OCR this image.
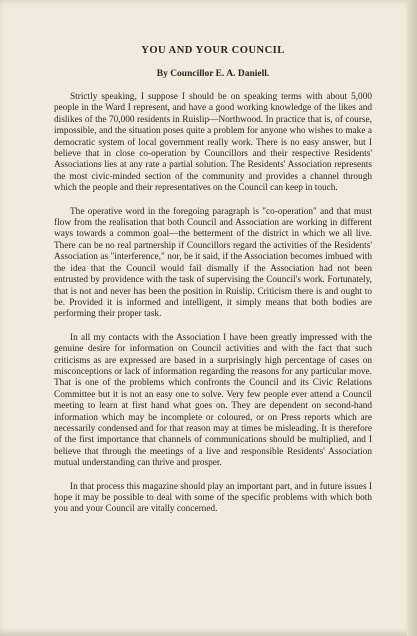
YOU AND YOUR COUNCIL
By Councillor E. A. Daniell.

Strictly speaking, I suppose I should be on speaking terms with about 5,000 people in the Ward I represent, and have a good working knowledge of the likes and dislikes of the 70,000 residents in Ruislip—Northwood. In practice that is, of course, impossible, and the situation poses quite a problem for anyone who wishes to make a democratic system of local government really work. There is no easy answer, but I believe that in close co-operation by Councillors and their respective Residents' Associations lies at any rate a partial solution. The Residents' Association represents the most civic-minded section of the community and provides a channel through which the people and their representatives on the Council can keep in touch.

The operative word in the foregoing paragraph is "co-operation" and that must flow from the realisation that both Council and Association are working in different ways towards a common goal—the betterment of the district in which we all live. There can be no real partnership if Councillors regard the activities of the Residents' Association as "interference," nor, be it said, if the Association becomes imbued with the idea that the Council would fail dismally if the Association had not been entrusted by providence with the task of supervising the Council's work. Fortunately, that is not and never has been the position in Ruislip. Criticism there is and ought to be. Provided it is informed and intelligent, it simply means that both bodies are performing their proper task.

In all my contacts with the Association I have been greatly impressed with the genuine desire for information on Council activities and with the fact that such criticisms as are expressed are based in a surprisingly high percentage of cases on misconceptions or lack of information regarding the reasons for any particular move. That is one of the problems which confronts the Council and its Civic Relations Committee but it is not an easy one to solve. Very few people ever attend a Council meeting to learn at first hand what goes on. They are dependent on second-hand information which may be incomplete or coloured, or on Press reports which are necessarily condensed and for that reason may at times be misleading. It is therefore of the first importance that channels of communications should be multiplied, and I believe that through the meetings of a live and responsible Residents' Association mutual understanding can thrive and prosper.

In that process this magazine should play an important part, and in future issues I hope it may be possible to deal with some of the specific problems with which both you and your Council are vitally concerned.
